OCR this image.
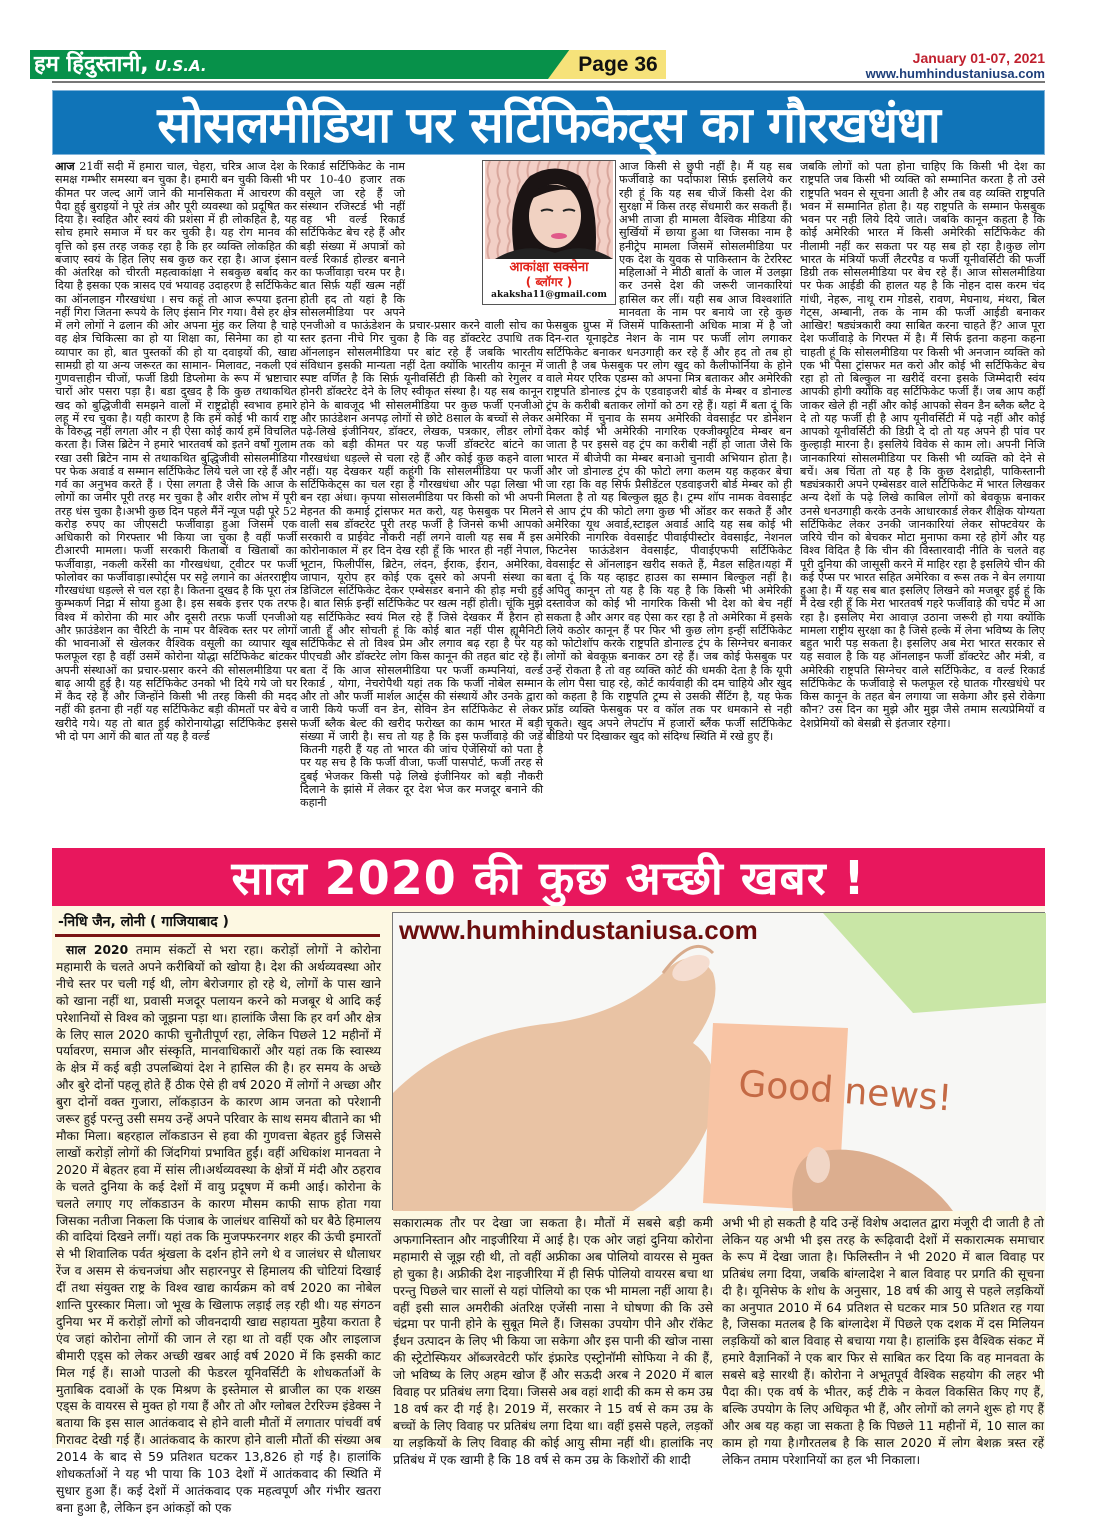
हम हिंदुस्तानी, U.S.A.	Page 36	January 01-07, 2021
www.humhindustaniusa.com
सोसलमीडिया पर सर्टिफिकेट्स का गौरखधंधा

आज 21वीं सदी में हमारा चाल, चेहरा, चरित्र आज देश के समक्ष गम्भीर समस्या बन चुका है। हमारी बन चुकी किसी भी कीमत पर जल्द आगें जाने की मानसिकता में आचरण की पैदा हुई बुराइयों ने पूरे तंत्र और पूरी व्यवस्था को प्रदूषित कर दिया है। स्वहित और स्वयं की प्रशंसा में ही लोकहित है, यह सोच हमारे समाज में घर कर चुकी है। यह रोग मानव की वृत्ति को इस तरह जकड़ रहा है कि हर व्यक्ति लोकहित की बजाए स्वयं के हित लिए सब कुछ कर रहा है। आज इंसान की अंतरिक्ष को चीरती महत्वाकांक्षा ने सबकुछ बर्बाद कर दिया है इसका एक त्रासद एवं भयावह उदाहरण है सर्टिफिकेट का ऑनलाइन गौरखधंधा । सच कहूं तो आज रूपया इतना नहीं गिरा जितना रूपये के लिए इंसान गिर गया। वैसे हर क्षेत्र में लगे लोगों ने ढलान की ओर अपना मुंह कर लिया है चाहे वह क्षेत्र चिकित्सा का हो या शिक्षा का, सिनेमा का हो या व्यापार का हो, बात पुस्तकों की हो या दवाइयों की, खाद्य सामग्री हो या अन्य जरूरत का सामान- मिलावट, नकली एवं गुणवत्ताहीन चीजों, फर्जी डिग्री डिप्लोमा के रूप में भ्रष्टाचार चारों ओर पसरा पड़ा है। बडा दुखद है कि कुछ तथाकथित खद को बुद्धिजीवी समझने वालों में राष्ट्रद्रोही स्वभाव हमारे लहू में रच चुका है। यही कारण है कि हमें कोई भी कार्य राष्ट्र के विरुद्ध नहीं लगता और न ही ऐसा कोई कार्य हमें विचलित करता है। जिस ब्रिटेन ने हमारे भारतवर्ष को इतने वर्षों गुलाम रखा उसी ब्रिटेन नाम से तथाकथित बुद्धिजीवी सोसलमीडिया पर फेक अवार्ड व सम्मान सर्टिफिकेट लिये चले जा रहे हैं और गर्व का अनुभव करते हैं । ऐसा लगता है जैसे कि आज के लोगों का जमीर पूरी तरह मर चुका है और शरीर लोभ में पूरी तरह धंस चुका है।अभी कुछ दिन पहले मैंनें न्यूज पढ़ी पूरे 52 करोड़ रुपए का जीएसटी फर्जीवाड़ा हुआ जिसमें एक अधिकारी को गिरफ्तार भी किया जा चुका है वहीं फर्जी टीआरपी मामला। फर्जी सरकारी किताबों व खिताबों का फर्जीवाड़ा, नकली करेंसी का गौरखधंधा, ट्वीटर पर फर्जी फोलोवर का फर्जीवाड़ा।स्पोर्ट्स पर सट्टे लगाने का अंतरराष्ट्रीय गौरखधंधा धड़ल्ले से चल रहा है। कितना दुखद है कि पूरा तंत्र कुम्भकर्ण निद्रा में सोया हुआ है। इस सबके इत्तर एक तरफ विश्व में कोरोना की मार और दूसरी तरफ़ फर्जी एनजीओ और फ़ाउंडेशन का चैरिटी के नाम पर वैश्विक स्तर पर लोगों की भावनाओं से खेलकर वैश्विक वसूली का व्यापार खूब फलफूल रहा है वहीं उसमें कोरोना योद्धा सर्टिफिकेट बांटकर अपनी संस्थाओं का प्रचार-प्रसार करने की सोसलमीडिया पर बाढ़ आयी हुई है। यह सर्टिफिकेट उनको भी दिये गये जो घर में कैद रहे हैं और जिन्होंने किसी भी तरह किसी की मदद नहीं की इतना ही नहीं यह सर्टिफिकेट बड़ी कीमतों पर बेचे व खरीदे गये। यह तो बात हुई कोरोनायोद्धा सर्टिफिकेट इससे भी दो पग आगें की बात तो यह है वर्ल्ड

रिकार्ड सर्टिफिकेट के नाम पर 10-40 हजार तक वसूले जा रहे हैं जो संस्थान रजिस्टर्ड भी नहीं वह भी वर्ल्ड रिकार्ड सर्टिफिकेट बेच रहे हैं और बड़ी संख्या में अपात्रों को वर्ल्ड रिकार्ड होल्डर बनाने का फर्जीवाड़ा चरम पर है। बात सिर्फ़ यहीं खत्म नहीं होती हद तो यहां है कि सोसलमीडिया पर अपने एनजीओ व फाऊंडेशन के प्रचार-प्रसार करने वाली सोच का स्तर इतना नीचे गिर चुका है कि वह डॉक्टरेट उपाधि तक ऑनलाइन सोसलमीडिया पर बांट रहे हैं जबकि भारतीय संविधान इसकी मान्यता नहीं देता क्योंकि भारतीय कानून में स्पष्ट वर्णित है कि सिर्फ़ यूनीवर्सिटी ही किसी को रेगुलर व होनरी डॉक्टरेट देने के लिए स्वीकृत संस्था है। यह सब कानून होने के बावजूद भी सोसलमीडिया पर कुछ फर्जी एनजीओ और फ़ाउंडेशन अनपढ़ लोगों से छोटे 8साल के बच्चों से लेकर पढ़े-लिखे इंजीनियर, डॉक्टर, लेखक, पत्रकार, लीडर लोगों तक को बड़ी कीमत पर यह फर्जी डॉक्टरेट बांटने का गौरखधंधा धड़ल्ले से चला रहे हैं और कोई कुछ कहने वाला नहीं। यह देखकर यहीं कहूंगी कि सोसलमीडिया पर फर्जी सर्टिफिकेट्स का चल रहा है गौरखधंधा और पढ़ा लिखा भी बन रहा अंधा। कृपया सोसलमीडिया पर किसी को भी अपनी मेहनत की कमाई ट्रांसफर मत करो, यह फेसबुक पर मिलने वाली सब डॉक्टरेट पूरी तरह फर्जी है जिनसे कभी आपको सरकारी व प्राईवेट नौकरी नहीं लगने वाली यह सब मैं इस कोरोनाकाल में हर दिन देख रही हूँ कि भारत ही नहीं नेपाल, भूटान, फिलीपींस, ब्रिटेन, लंदन, ईराक, ईरान, अमेरिका, जापान, यूरोप हर कोई एक दूसरे को अपनी संस्था का डिजिटल सर्टिफिकेट देकर एम्बेसडर बनाने की होड़ मची हुई है। बात सिर्फ़ इन्हीं सर्टिफिकेट पर खत्म नहीं होती। चूंकि मुझे यह सर्टिफिकेट स्वयं मिल रहे हैं जिसे देखकर मैं हैरान हो जाती हूँ और सोचती हूं कि कोई बात नहीं पीस ह्यूमैनिटी सर्टिफिकेट से तो विश्व प्रेम और लगाव बढ़ रहा है पर यह पीएचडी और डॉक्टरेट लोग किस कानून की तहत बांट रहे हैं। बता दें कि आज सोसलमीडिया पर फर्जी कम्पनियां, वर्ल्ड रिकार्ड , योगा, नेचरोपैथी यहां तक कि फर्जी नोबेल सम्मान और तो और फर्जी मार्शल आर्ट्स की संस्थायें और उनके द्वारा जारी किये फर्जी वन डेन, सेविन डेन सर्टिफिकेट से लेकर फर्जी ब्लैक बेल्ट की खरीद फरोख्त का काम भारत में बड़ी संख्या में जारी है। सच तो यह है कि इस फर्जीवाड़े की जड़ें कितनी गहरी हैं यह तो भारत की जांच ऐजेंसियों को पता है पर यह सच है कि फर्जी वीजा, फर्जी पासपोर्ट, फर्जी तरह से दुबई भेजकर किसी पढ़े लिखे इंजीनियर को बड़ी नौकरी दिलाने के झांसे में लेकर दूर देश भेज कर मजदूर बनाने की कहानी

आज किसी से छुपी नहीं है। मैं यह सब फर्जीवाड़े का पर्दाफाश सिर्फ़ इसलिये कर रही हूं कि यह सब चीजें किसी देश की सुरक्षा में किस तरह सेंधमारी कर सकती हैं। अभी ताजा ही मामला वैश्विक मीडिया की सुर्खियों में छाया हुआ था जिसका नाम है हनीट्रेप मामला जिसमें सोसलमीडिया पर एक देश के युवक से पाकिस्तान के टेररिस्ट महिलाओं ने मीठी बातों के जाल में उलझा कर उनसे देश की जरूरी जानकारियां हासिल कर लीं। यही सब आज विश्वशांति मानवता के नाम पर बनाये जा रहे कुछ फेसबुक ग्रुप्स में जिसमें पाकिस्तानी अधिक मात्रा में है जो दिन-रात यूनाइटेड नेशन के नाम पर फर्जी लोग लगाकर सर्टिफिकेट बनाकर धनउगाही कर रहे हैं और हद तो तब हो जाती है जब फेसबुक पर लोग खुद को कैलीफोर्निया के होने वाले मेयर एरिक एडम्स को अपना मित्र बताकर और अमेरिकी राष्ट्रपति डोनाल्ड ट्रंप के एडवाइजरी बोर्ड के मेम्बर व डोनाल्ड ट्रंप के करीबी बताकर लोगों को ठग रहे हैं। यहां मैं बता दूं कि अमेरिका में चुनाव के समय अमेरिकी वेवसाईट पर डोनेशन देकर कोई भी अमेरिकी नागरिक एक्जीक्यूटिव मेम्बर बन जाता है पर इससे वह ट्रंप का करीबी नहीं हो जाता जैसे कि भारत में बीजेपी का मेम्बर बनाओ चुनावी अभियान होता है। और जो डोनाल्ड ट्रंप की फोटो लगा कलम यह कहकर बेचा जा रहा कि वह सिर्फ प्रैसीडेंटल एडवाइजरी बोर्ड मेम्बर को ही मिलता है तो यह बिल्कुल झूठ है। ट्रम्प शॉप नामक वेवसाईट से आप ट्रंप की फोटो लगा कुछ भी ऑडर कर सकते हैं और अमेरिका यूथ अवार्ड,स्टाइल अवार्ड आदि यह सब कोई भी अमेरिकी नागरिक वेवसाईट पीवाईपीस्टोर वेवसाईट, नेशनल फिटनेस फाऊंडेशन वेवसाईट, पीवाईएफपी सर्टिफिकेट वेवसाईट से ऑनलाइन खरीद सकते हैं, मैडल सहित।यहां मैं बता दूं कि यह व्हाइट हाउस का सम्मान बिल्कुल नहीं है। अपितु कानून तो यह है कि यह है कि किसी भी अमेरिकी दस्तावेज को कोई भी नागरिक किसी भी देश को बेच नहीं सकता है और अगर वह ऐसा कर रहा है तो अमेरिका में इसके लिये कठोर कानून हैं पर फिर भी कुछ लोग इन्हीं सर्टिफिकेट को फोटोशॉप करके राष्ट्रपति डोनाल्ड ट्रंप के सिग्नेचर बनाकर लोगों को बेवकूफ़ बनाकर ठग रहे हैं। जब कोई फेसबुक पर उन्हें रोकता है तो वह व्यक्ति कोर्ट की धमकी देता है कि यूपी के लोग पैसा चाह रहे, कोर्ट कार्यवाही की दम चाहिये और खुद को कहता है कि राष्ट्रपति ट्रम्प से उसकी सैंटिंग है, यह फेक फ्रॉड व्यक्ति फेसबुक पर व कॉल तक पर धमकाने से नही चूकते। खुद अपने लेपटॉप में हजारों ब्लैंक फर्जी सर्टिफिकेट बीडियो पर दिखाकर खुद को संदिग्ध स्थिति में रखे हुए हैं।

जबकि लोगों को पता होना चाहिए कि किसी भी देश का राष्ट्रपति जब किसी भी व्यक्ति को सम्मानित करता है तो उसे राष्ट्रपति भवन से सूचना आती है और तब वह व्यक्ति राष्ट्रपति भवन में सम्मानित होता है। यह राष्ट्रपति के सम्मान फेसबुक भवन पर नही लिये दिये जाते। जबकि कानून कहता है कि कोई अमेरिकी भारत में किसी अमेरिकी सर्टिफिकेट की नीलामी नहीं कर सकता पर यह सब हो रहा है।कुछ लोग भारत के मंत्रियों फर्जी लैटरपैड व फर्जी यूनीवर्सिटी की फर्जी डिग्री तक सोसलमीडिया पर बेच रहे हैं। आज सोसलमीडिया पर फेक आईडी की हालत यह है कि नोहन दास करम चंद गांधी, नेहरू, नाथू राम गोडसे, रावण, मेघनाथ, मंथरा, बिल गेट्स, अम्बानी, तक के नाम की फर्जी आईडी बनाकर आखिर! षड्यंत्रकारी क्या साबित करना चाहते हैं? आज पूरा देश फर्जीवाड़े के गिरफ्त में है। मैं सिर्फ इतना कहना कहना चाहती हूं कि सोसलमीडिया पर किसी भी अनजान व्यक्ति को एक भी पैसा ट्रांसफर मत करो और कोई भी सर्टिफिकेट बेच रहा हो तो बिल्कुल ना खरीदें वरना इसके जिम्मेदारी स्वंय आपकी होगी क्योंकि वह सर्टिफिकेट फर्जी हैं। जब आप कहीं जाकर खेले ही नहीं और कोई आपको सेवन डैन ब्लैक ब्लैट दे दे तो यह फर्जी ही है आप यूनीवर्सिटी में पढ़े नहीं और कोई आपको यूनीवर्सिटी की डिग्री दे दो तो यह अपने ही पांव पर कुल्हाड़ी मारना है। इसलिये विवेक से काम लो। अपनी निजि जानकारियां सोसलमीडिया पर किसी भी व्यक्ति को देने से बचें। अब चिंता तो यह है कि कुछ देशद्रोही, पाकिस्तानी षड्यंत्रकारी अपने एम्बेसडर वाले सर्टिफिकेट में भारत लिखकर अन्य देशों के पढ़े लिखे काबिल लोगों को बेवकूफ़ बनाकर उनसे धनउगाही करके उनके आधारकार्ड लेकर शैक्षिक योग्यता सर्टिफिकेट लेकर उनकी जानकारियां लेकर सोफ्टवेयर के जरिये चीन को बेचकर मोटा मुनाफा कमा रहे होगें और यह विश्व विदित है कि चीन की विस्तारवादी नीति के चलते वह पूरी दुनिया की जासूसी करने में माहिर रहा है इसलिये चीन की कई ऐप्स पर भारत सहित अमेरिका व रूस तक ने बेन लगाया हुआ है। मैं यह सब बात इसलिए लिखने को मजबूर हुई हूं कि मैं देख रही हूँ कि मेरा भारतवर्ष गहरे फर्जीवाड़े की चपेट में आ रहा है। इसलिए मेरा आवाज़ उठाना जरूरी हो गया क्योंकि मामला राष्ट्रीय सुरक्षा का है जिसे हल्के में लेना भविष्य के लिए बहुत भारी पड़ सकता है। इसलिए अब मेरा भारत सरकार से यह सवाल है कि यह ऑनलाइन फर्जी डॉक्टरेट और मंत्री, व अमेरिकी राष्ट्रपति सिग्नेचर वाले सर्टिफिकेट, व वर्ल्ड रिकार्ड सर्टिफिकेट के फर्जीवाड़े से फलफूल रहे घातक गौरखधंधे पर किस कानून के तहत बेन लगाया जा सकेगा और इसे रोकेगा कौन? उस दिन का मुझे और मुझ जैसे तमाम सत्यप्रेमियों व देशप्रेमियों को बेसब्री से इंतजार रहेगा।

आकांक्षा सक्सेना
( ब्लॉगर )
akaksha11@gmail.com
साल 2020 की कुछ अच्छी खबर !
-निधि जैन, लोनी ( गाजियाबाद )

साल 2020 तमाम संकटों से भरा रहा। करोड़ों लोगों ने कोरोना महामारी के चलते अपने करीबियों को खोया है। देश की अर्थव्यवस्था ओर नीचे स्तर पर चली गई थी, लोग बेरोजगार हो रहे थे, लोगों के पास खाने को खाना नहीं था, प्रवासी मजदूर पलायन करने को मजबूर थे आदि कई परेशानियों से विश्व को जूझना पड़ा था। हालांकि जैसा कि हर वर्ग और क्षेत्र के लिए साल 2020 काफी चुनौतीपूर्ण रहा, लेकिन पिछले 12 महीनों में पर्यावरण, समाज और संस्कृति, मानवाधिकारों और यहां तक कि स्वास्थ्य के क्षेत्र में कई बड़ी उपलब्धियां देश ने हासिल की है। हर समय के अच्छे और बुरे दोनों पहलू होते हैं ठीक ऐसे ही वर्ष 2020 में लोगों ने अच्छा और बुरा दोनों वक्त गुजारा, लॉकड़ाउन के कारण आम जनता को परेशानी जरूर हुई परन्तु उसी समय उन्हें अपने परिवार के साथ समय बीताने का भी मौका मिला। बहरहाल लॉकडाउन से हवा की गुणवत्ता बेहतर हुई जिससे लाखों करोड़ों लोगों की जिंदगियां प्रभावित हुईं। वहीं अधिकांश मानवता ने 2020 में बेहतर हवा में सांस ली।अर्थव्यवस्था के क्षेत्रों में मंदी और ठहराव के चलते दुनिया के कई देशों में वायु प्रदूषण में कमी आई। कोरोना के चलते लगाए गए लॉकडाउन के कारण मौसम काफी साफ होता गया जिसका नतीजा निकला कि पंजाब के जालंधर वासियों को घर बैठे हिमालय की वादियां दिखने लगीं। यहां तक कि मुजफ्फरनगर शहर की ऊंची इमारतों से भी शिवालिक पर्वत श्रृंखला के दर्शन होने लगे थे व जालंधर से धौलाधर रेंज व असम से कंचनजंघा और सहारनपुर से हिमालय की चोटियां दिखाई दीं तथा संयुक्त राष्ट्र के विश्व खाद्य कार्यक्रम को वर्ष 2020 का नोबेल शान्ति पुरस्कार मिला। जो भूख के खिलाफ लड़ाई लड़ रही थी। यह संगठन दुनिया भर में करोड़ों लोगों को जीवनदायी खाद्य सहायता मुहैया कराता है एंव जहां कोरोना लोगों की जान ले रहा था तो वहीं एक और लाइलाज बीमारी एड्स को लेकर अच्छी खबर आई वर्ष 2020 में कि इसकी काट मिल गई हैं। साओ पाउलो की फेडरल यूनिवर्सिटी के शोधकर्ताओं के मुताबिक दवाओं के एक मिश्रण के इस्तेमाल से ब्राजील का एक शख्स एड्स के वायरस से मुक्त हो गया हैं और तो और ग्लोबल टेररिज्म इंडेक्स ने बताया कि इस साल आतंकवाद से होने वाली मौतों में लगातार पांचवीं वर्ष गिरावट देखी गई हैं। आतंकवाद के कारण होने वाली मौतों की संख्या अब 2014 के बाद से 59 प्रतिशत घटकर 13,826 हो गई है। हालांकि शोधकर्ताओं ने यह भी पाया कि 103 देशों में आतंकवाद की स्थिति में सुधार हुआ हैं। कई देशों में आतंकवाद एक महत्वपूर्ण और गंभीर खतरा बना हुआ है, लेकिन इन आंकड़ों को एक

Good news!
www.humhindustaniusa.com

सकारात्मक तौर पर देखा जा सकता है। मौतों में सबसे बड़ी कमी अफगानिस्तान और नाइजीरिया में आई है। एक ओर जहां दुनिया कोरोना महामारी से जूझ रही थी, तो वहीं अफ्रीका अब पोलियो वायरस से मुक्त हो चुका है। अफ्रीकी देश नाइजीरिया में ही सिर्फ पोलियो वायरस बचा था परन्तु पिछले चार सालों से यहां पोलियो का एक भी मामला नहीं आया है। वहीं इसी साल अमरीकी अंतरिक्ष एजेंसी नासा ने घोषणा की कि उसे चंद्रमा पर पानी होने के सुबूत मिले हैं। जिसका उपयोग पीने और रॉकेट ईंधन उत्पादन के लिए भी किया जा सकेगा और इस पानी की खोज नासा की स्ट्रेटोस्फियर ऑब्जरवेटरी फॉर इंफ्रारेड एस्ट्रोनॉमी सोफिया ने की हैं, जो भविष्य के लिए अहम खोज हैं और सऊदी अरब ने 2020 में बाल विवाह पर प्रतिबंध लगा दिया। जिससे अब वहां शादी की कम से कम उम्र 18 वर्ष कर दी गई है। 2019 में, सरकार ने 15 वर्ष से कम उम्र के बच्चों के लिए विवाह पर प्रतिबंध लगा दिया था। वहीं इससे पहले, लड़कों या लड़कियों के लिए विवाह की कोई आयु सीमा नहीं थी। हालांकि नए प्रतिबंध में एक खामी है कि 18 वर्ष से कम उम्र के किशोरों की शादी

अभी भी हो सकती है यदि उन्हें विशेष अदालत द्वारा मंजूरी दी जाती है तो लेकिन यह अभी भी इस तरह के रूढ़िवादी देशों में सकारात्मक समाचार के रूप में देखा जाता है। फिलिस्तीन ने भी 2020 में बाल विवाह पर प्रतिबंध लगा दिया, जबकि बांग्लादेश ने बाल विवाह पर प्रगति की सूचना दी है। यूनिसेफ के शोध के अनुसार, 18 वर्ष की आयु से पहले लड़कियों का अनुपात 2010 में 64 प्रतिशत से घटकर मात्र 50 प्रतिशत रह गया है, जिसका मतलब है कि बांग्लादेश में पिछले एक दशक में दस मिलियन लड़कियों को बाल विवाह से बचाया गया है। हालांकि इस वैश्विक संकट में हमारे वैज्ञानिकों ने एक बार फिर से साबित कर दिया कि वह मानवता के सबसे बड़े सारथी हैं। कोरोना ने अभूतपूर्व वैश्विक सहयोग की लहर भी पैदा की। एक वर्ष के भीतर, कई टीके न केवल विकसित किए गए हैं, बल्कि उपयोग के लिए अधिकृत भी हैं, और लोगों को लगने शुरू हो गए हैं और अब यह कहा जा सकता है कि पिछले 11 महीनों में, 10 साल का काम हो गया है।गौरतलब है कि साल 2020 में लोग बेशक़ त्रस्त रहें लेकिन तमाम परेशानियों का हल भी निकाला।
